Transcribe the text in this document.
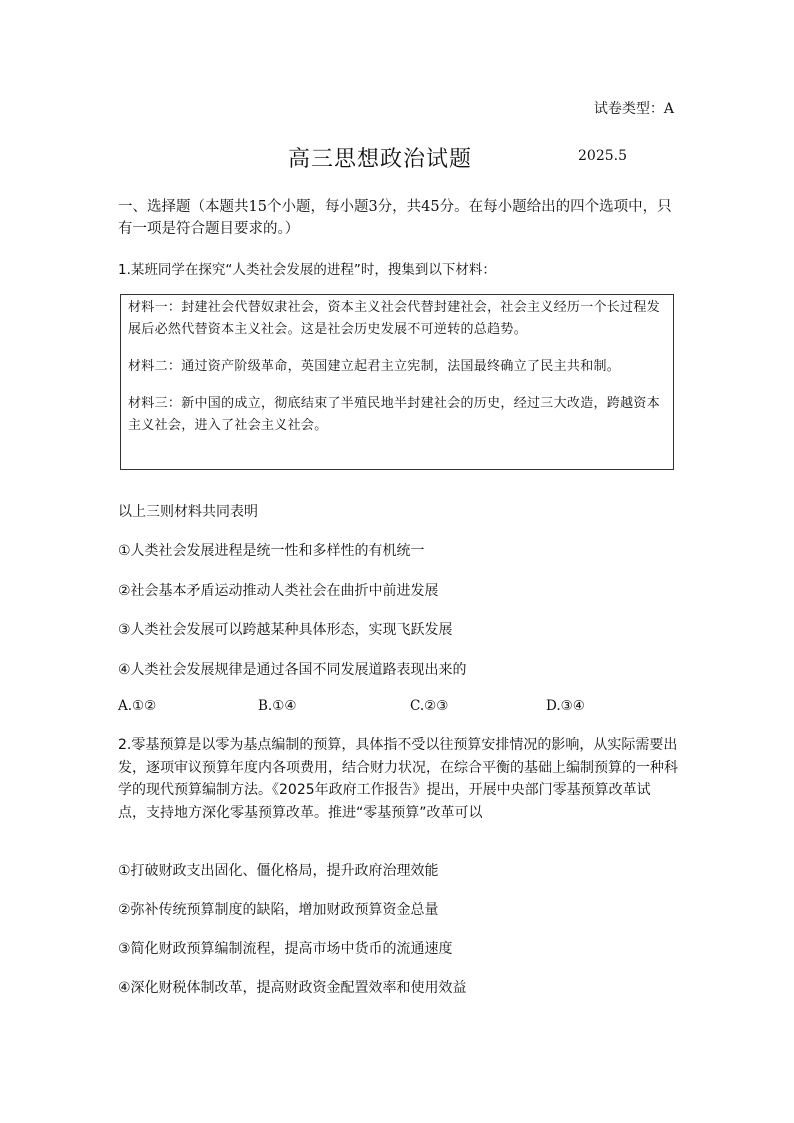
试卷类型：A
高三思想政治试题	2025.5
一、选择题（本题共15个小题，每小题3分，共45分。在每小题给出的四个选项中，只有一项是符合题目要求的。）
1.某班同学在探究“人类社会发展的进程”时，搜集到以下材料：

材料一：封建社会代替奴隶社会，资本主义社会代替封建社会，社会主义经历一个长过程发展后必然代替资本主义社会。这是社会历史发展不可逆转的总趋势。

材料二：通过资产阶级革命，英国建立起君主立宪制，法国最终确立了民主共和制。

材料三：新中国的成立，彻底结束了半殖民地半封建社会的历史，经过三大改造，跨越资本主义社会，进入了社会主义社会。

以上三则材料共同表明
①人类社会发展进程是统一性和多样性的有机统一
②社会基本矛盾运动推动人类社会在曲折中前进发展
③人类社会发展可以跨越某种具体形态，实现飞跃发展
④人类社会发展规律是通过各国不同发展道路表现出来的
A.①②	B.①④	C.②③	D.③④
2.零基预算是以零为基点编制的预算，具体指不受以往预算安排情况的影响，从实际需要出发，逐项审议预算年度内各项费用，结合财力状况，在综合平衡的基础上编制预算的一种科学的现代预算编制方法。《2025年政府工作报告》提出，开展中央部门零基预算改革试点，支持地方深化零基预算改革。推进“零基预算”改革可以
①打破财政支出固化、僵化格局，提升政府治理效能
②弥补传统预算制度的缺陷，增加财政预算资金总量
③简化财政预算编制流程，提高市场中货币的流通速度
④深化财税体制改革，提高财政资金配置效率和使用效益
